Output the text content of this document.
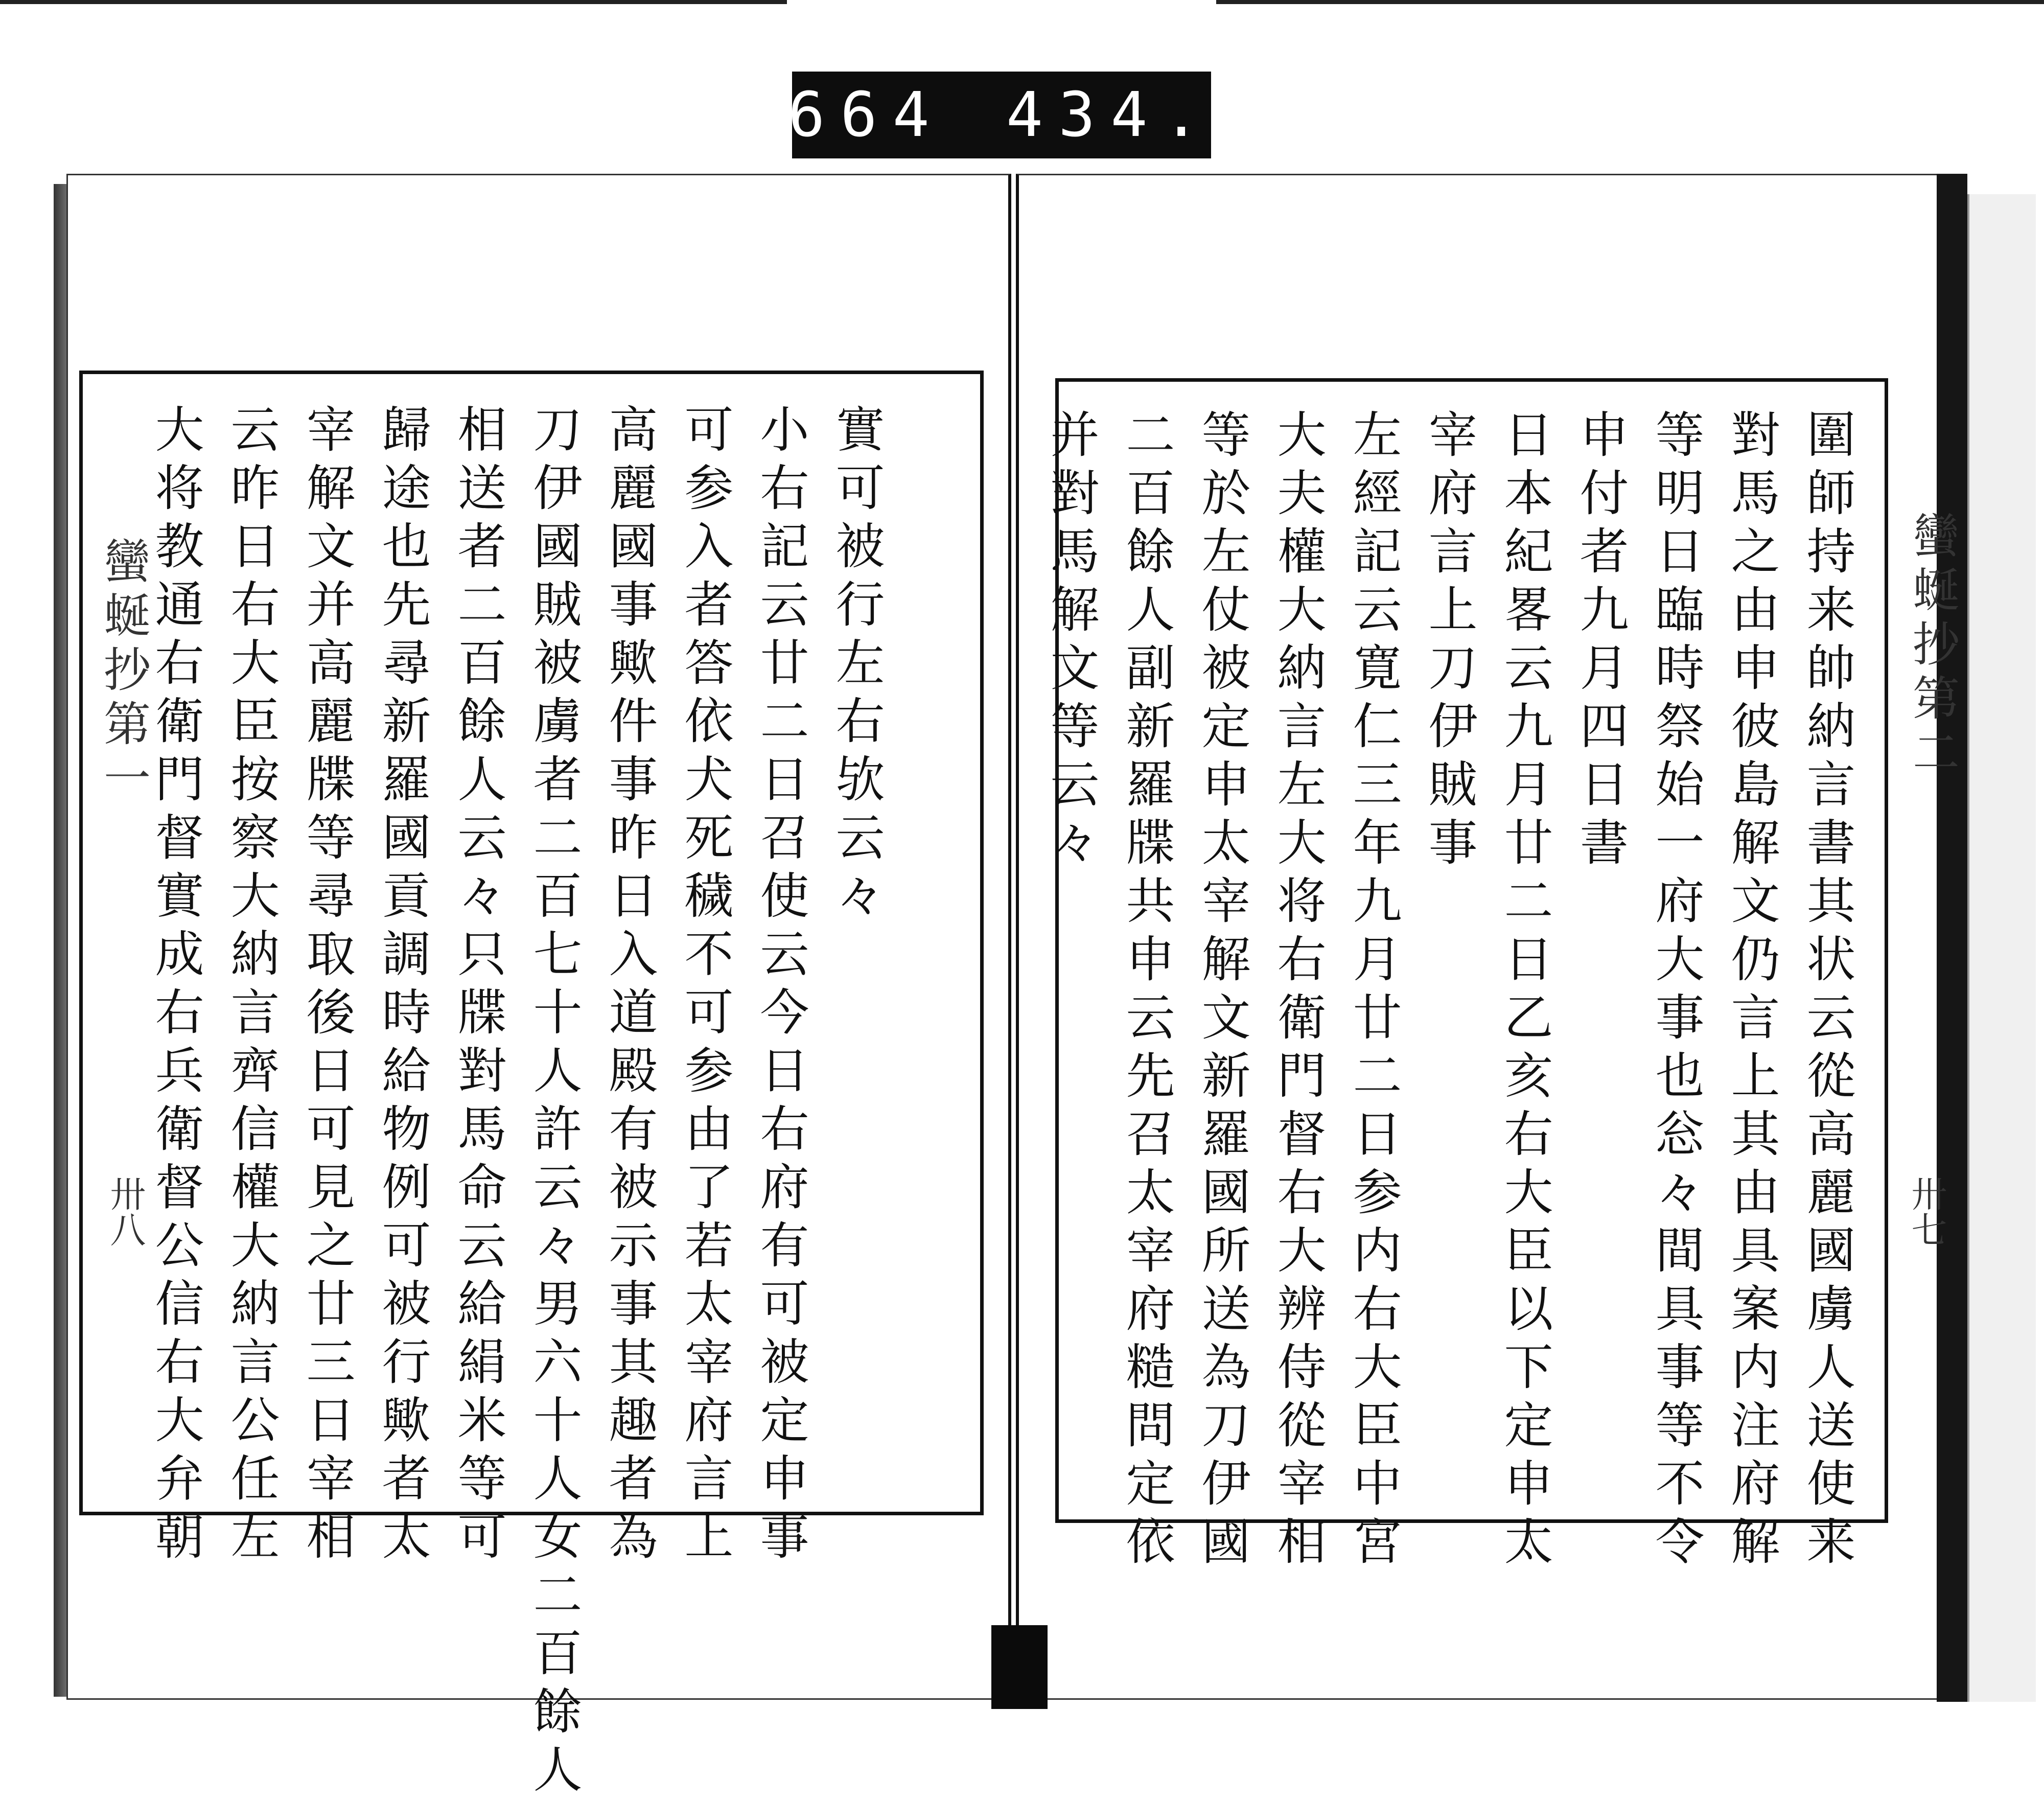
664 434.
蠻蜒抄第一	蠻蜒抄第二
卅八	卅七
實可被行左右欤云々
小右記云廿二日召使云今日右府有可被定申事
可参入者答依犬死穢不可参由了若太宰府言上
高麗國事歟件事昨日入道殿有被示事其趣者為
刀伊國賊被虜者二百七十人許云々男六十人女二百餘人
相送者二百餘人云々只牒對馬命云給絹米等可
歸途也先尋新羅國貢調時給物例可被行歟者太
宰解文并高麗牒等尋取後日可見之廿三日宰相
云昨日右大臣按察大納言齊信權大納言公任左
大将教通右衛門督實成右兵衛督公信右大弁朝	圍師持来帥納言書其状云從高麗國虜人送使来
對馬之由申彼島解文仍言上其由具案内注府解
等明日臨時祭始一府大事也忩々間具事等不令
申付者九月四日書
日本紀畧云九月廿二日乙亥右大臣以下定申太
宰府言上刀伊賊事
左經記云寛仁三年九月廿二日参内右大臣中宮
大夫權大納言左大将右衛門督右大辨侍從宰相
等於左仗被定申太宰解文新羅國所送為刀伊國
二百餘人副新羅牒共申云先召太宰府糙問定依
并對馬解文等云々
